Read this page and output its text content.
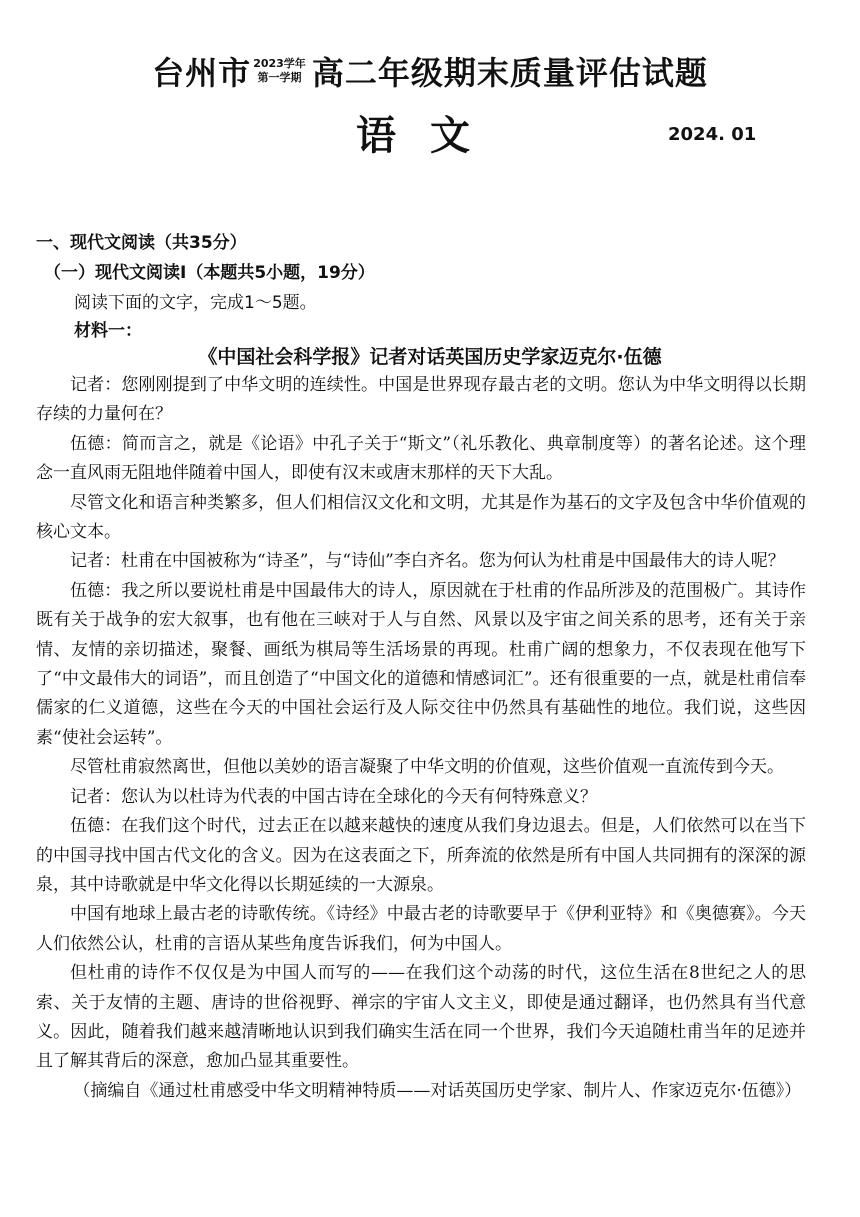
台州市 2023学年
第一学期 高二年级期末质量评估试题
语文	2024. 01
一、现代文阅读（共35分）
（一）现代文阅读Ⅰ（本题共5小题，19分）
阅读下面的文字，完成1～5题。
材料一：
《中国社会科学报》记者对话英国历史学家迈克尔·伍德

记者：您刚刚提到了中华文明的连续性。中国是世界现存最古老的文明。您认为中华文明得以长期存续的力量何在？

伍德：简而言之，就是《论语》中孔子关于“斯文”（礼乐教化、典章制度等）的著名论述。这个理念一直风雨无阻地伴随着中国人，即使有汉末或唐末那样的天下大乱。

尽管文化和语言种类繁多，但人们相信汉文化和文明，尤其是作为基石的文字及包含中华价值观的核心文本。

记者：杜甫在中国被称为“诗圣”，与“诗仙”李白齐名。您为何认为杜甫是中国最伟大的诗人呢？

伍德：我之所以要说杜甫是中国最伟大的诗人，原因就在于杜甫的作品所涉及的范围极广。其诗作既有关于战争的宏大叙事，也有他在三峡对于人与自然、风景以及宇宙之间关系的思考，还有关于亲情、友情的亲切描述，聚餐、画纸为棋局等生活场景的再现。杜甫广阔的想象力，不仅表现在他写下了“中文最伟大的词语”，而且创造了“中国文化的道德和情感词汇”。还有很重要的一点，就是杜甫信奉儒家的仁义道德，这些在今天的中国社会运行及人际交往中仍然具有基础性的地位。我们说，这些因素“使社会运转”。

尽管杜甫寂然离世，但他以美妙的语言凝聚了中华文明的价值观，这些价值观一直流传到今天。

记者：您认为以杜诗为代表的中国古诗在全球化的今天有何特殊意义？

伍德：在我们这个时代，过去正在以越来越快的速度从我们身边退去。但是，人们依然可以在当下的中国寻找中国古代文化的含义。因为在这表面之下，所奔流的依然是所有中国人共同拥有的深深的源泉，其中诗歌就是中华文化得以长期延续的一大源泉。

中国有地球上最古老的诗歌传统。《诗经》中最古老的诗歌要早于《伊利亚特》和《奥德赛》。今天人们依然公认，杜甫的言语从某些角度告诉我们，何为中国人。

但杜甫的诗作不仅仅是为中国人而写的——在我们这个动荡的时代，这位生活在8世纪之人的思索、关于友情的主题、唐诗的世俗视野、禅宗的宇宙人文主义，即使是通过翻译，也仍然具有当代意义。因此，随着我们越来越清晰地认识到我们确实生活在同一个世界，我们今天追随杜甫当年的足迹并且了解其背后的深意，愈加凸显其重要性。

（摘编自《通过杜甫感受中华文明精神特质——对话英国历史学家、制片人、作家迈克尔·伍德》）
